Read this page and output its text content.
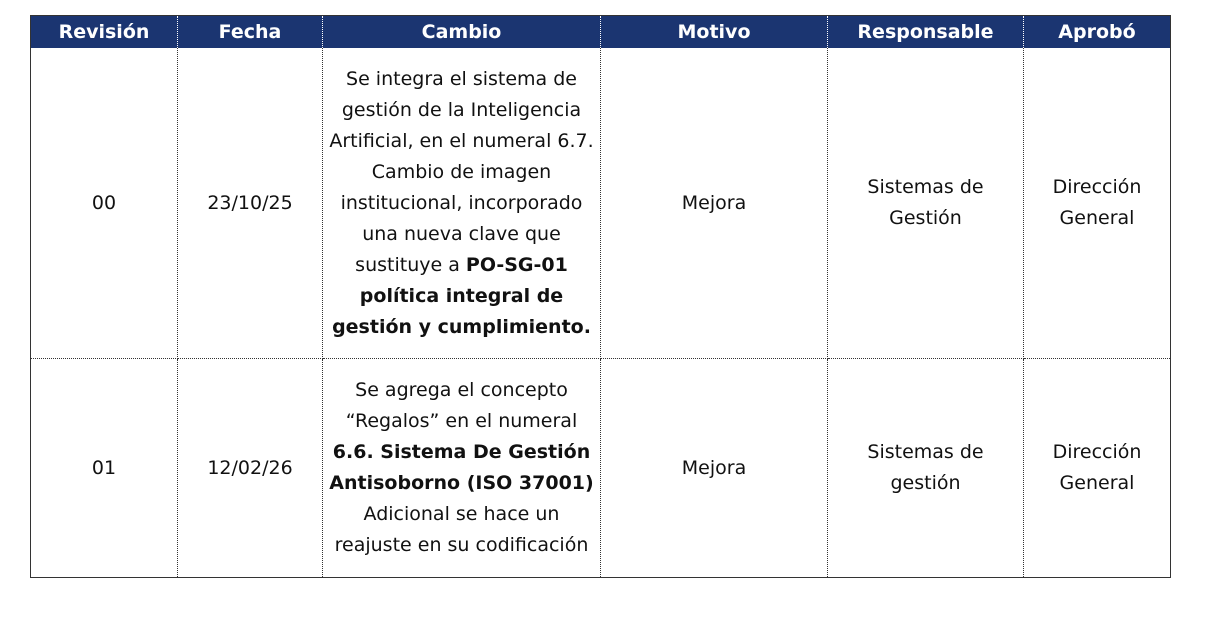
Revisión	Fecha	Cambio	Motivo	Responsable	Aprobó
00	23/10/25	Se integra el sistema de gestión de la Inteligencia Artificial, en el numeral 6.7. Cambio de imagen institucional, incorporado una nueva clave que sustituye a PO-SG-01 política integral de gestión y cumplimiento.	Mejora	Sistemas de Gestión	Dirección General
01	12/02/26	Se agrega el concepto “Regalos” en el numeral 6.6. Sistema De Gestión Antisoborno (ISO 37001) Adicional se hace un reajuste en su codificación	Mejora	Sistemas de gestión	Dirección General
